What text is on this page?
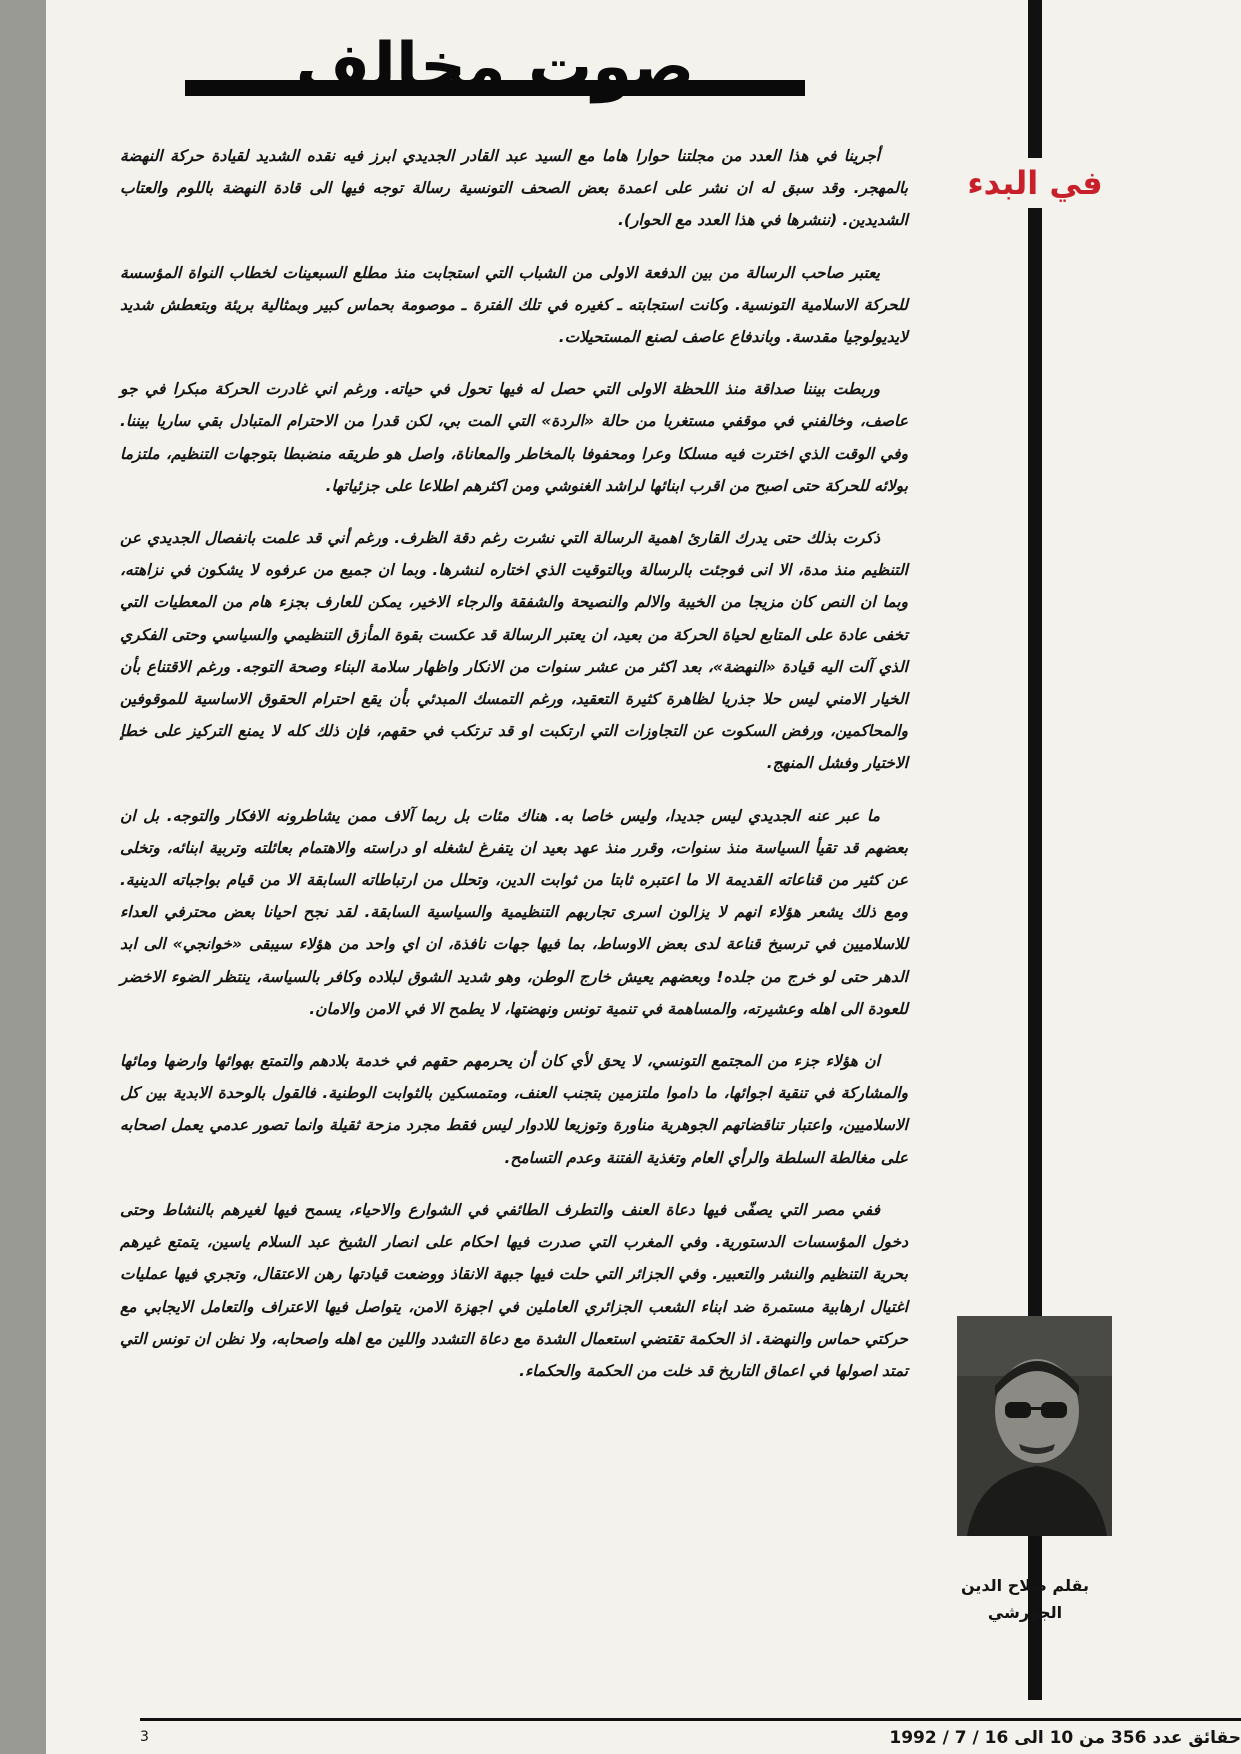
صوت مخالف
في البدء

أجرينا في هذا العدد من مجلتنا حوارا هاما مع السيد عبد القادر الجديدي ابرز فيه نقده الشديد لقيادة حركة النهضة بالمهجر. وقد سبق له ان نشر على اعمدة بعض الصحف التونسية رسالة توجه فيها الى قادة النهضة باللوم والعتاب الشديدين. (ننشرها في هذا العدد مع الحوار).

يعتبر صاحب الرسالة من بين الدفعة الاولى من الشباب التي استجابت منذ مطلع السبعينات لخطاب النواة المؤسسة للحركة الاسلامية التونسية. وكانت استجابته ـ كغيره في تلك الفترة ـ موصومة بحماس كبير وبمثالية بريئة وبتعطش شديد لايديولوجيا مقدسة. وباندفاع عاصف لصنع المستحيلات.

وربطت بيننا صداقة منذ اللحظة الاولى التي حصل له فيها تحول في حياته. ورغم اني غادرت الحركة مبكرا في جو عاصف، وخالفني في موقفي مستغربا من حالة «الردة» التي المت بي، لكن قدرا من الاحترام المتبادل بقي ساريا بيننا. وفي الوقت الذي اخترت فيه مسلكا وعرا ومحفوفا بالمخاطر والمعاناة، واصل هو طريقه منضبطا بتوجهات التنظيم، ملتزما بولائه للحركة حتى اصبح من اقرب ابنائها لراشد الغنوشي ومن اكثرهم اطلاعا على جزئياتها.

ذكرت بذلك حتى يدرك القارئ اهمية الرسالة التي نشرت رغم دقة الظرف. ورغم أني قد علمت بانفصال الجديدي عن التنظيم منذ مدة، الا انى فوجئت بالرسالة وبالتوقيت الذي اختاره لنشرها. وبما ان جميع من عرفوه لا يشكون في نزاهته، وبما ان النص كان مزيجا من الخيبة والالم والنصيحة والشفقة والرجاء الاخير، يمكن للعارف بجزء هام من المعطيات التي تخفى عادة على المتابع لحياة الحركة من بعيد، ان يعتبر الرسالة قد عكست بقوة المأزق التنظيمي والسياسي وحتى الفكري الذي آلت اليه قيادة «النهضة»، بعد اكثر من عشر سنوات من الانكار واظهار سلامة البناء وصحة التوجه. ورغم الاقتناع بأن الخيار الامني ليس حلا جذريا لظاهرة كثيرة التعقيد، ورغم التمسك المبدئي بأن يقع احترام الحقوق الاساسية للموقوفين والمحاكمين، ورفض السكوت عن التجاوزات التي ارتكبت او قد ترتكب في حقهم، فإن ذلك كله لا يمنع التركيز على خطإ الاختيار وفشل المنهج.

ما عبر عنه الجديدي ليس جديدا، وليس خاصا به. هناك مئات بل ربما آلاف ممن يشاطرونه الافكار والتوجه. بل ان بعضهم قد تقيأ السياسة منذ سنوات، وقرر منذ عهد بعيد ان يتفرغ لشغله او دراسته والاهتمام بعائلته وتربية ابنائه، وتخلى عن كثير من قناعاته القديمة الا ما اعتبره ثابتا من ثوابت الدين، وتحلل من ارتباطاته السابقة الا من قيام بواجباته الدينية. ومع ذلك يشعر هؤلاء انهم لا يزالون اسرى تجاربهم التنظيمية والسياسية السابقة. لقد نجح احيانا بعض محترفي العداء للاسلاميين في ترسيخ قناعة لدى بعض الاوساط، بما فيها جهات نافذة، ان اي واحد من هؤلاء سيبقى «خوانجي» الى ابد الدهر حتى لو خرج من جلده! وبعضهم يعيش خارج الوطن، وهو شديد الشوق لبلاده وكافر بالسياسة، ينتظر الضوء الاخضر للعودة الى اهله وعشيرته، والمساهمة في تنمية تونس ونهضتها، لا يطمح الا في الامن والامان.

ان هؤلاء جزء من المجتمع التونسي، لا يحق لأي كان أن يحرمهم حقهم في خدمة بلادهم والتمتع بهوائها وارضها ومائها والمشاركة في تنقية اجوائها، ما داموا ملتزمين بتجنب العنف، ومتمسكين بالثوابت الوطنية. فالقول بالوحدة الابدية بين كل الاسلاميين، واعتبار تناقضاتهم الجوهرية مناورة وتوزيعا للادوار ليس فقط مجرد مزحة ثقيلة وانما تصور عدمي يعمل اصحابه على مغالطة السلطة والرأي العام وتغذية الفتنة وعدم التسامح.

ففي مصر التي يصفّى فيها دعاة العنف والتطرف الطائفي في الشوارع والاحياء، يسمح فيها لغيرهم بالنشاط وحتى دخول المؤسسات الدستورية. وفي المغرب التي صدرت فيها احكام على انصار الشيخ عبد السلام ياسين، يتمتع غيرهم بحرية التنظيم والنشر والتعبير. وفي الجزائر التي حلت فيها جبهة الانقاذ ووضعت قيادتها رهن الاعتقال، وتجري فيها عمليات اغتيال ارهابية مستمرة ضد ابناء الشعب الجزائري العاملين في اجهزة الامن، يتواصل فيها الاعتراف والتعامل الايجابي مع حركتي حماس والنهضة. اذ الحكمة تقتضي استعمال الشدة مع دعاة التشدد واللين مع اهله واصحابه، ولا نظن ان تونس التي تمتد اصولها في اعماق التاريخ قد خلت من الحكمة والحكماء.

بقلم صلاح الدين
الجورشي
3	حقائق عدد 356 من 10 الى 16 / 7 / 1992
